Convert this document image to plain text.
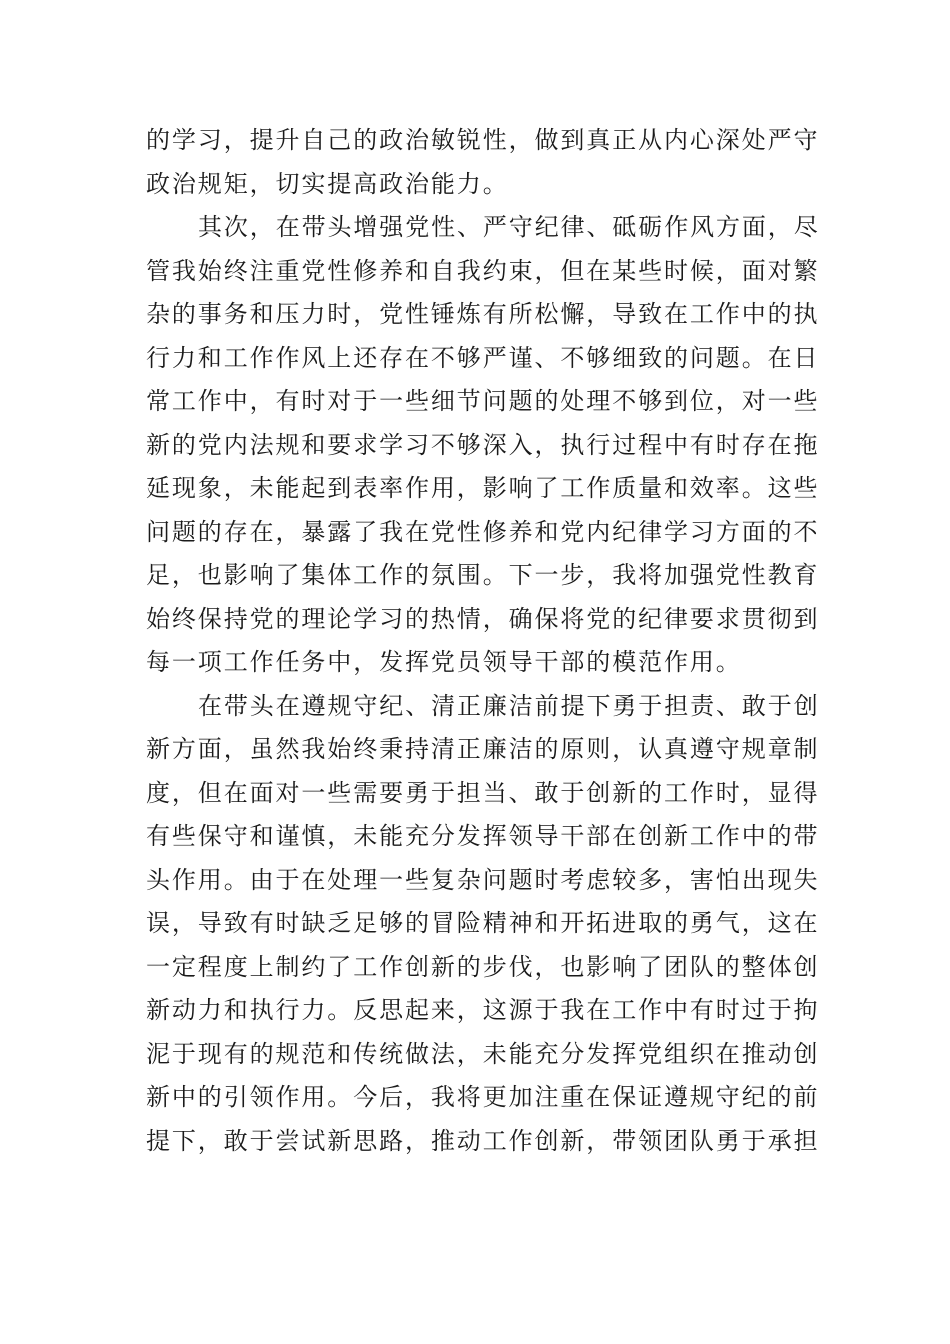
的学习，提升自己的政治敏锐性，做到真正从内心深处严守
政治规矩，切实提高政治能力。
其次，在带头增强党性、严守纪律、砥砺作风方面，尽
管我始终注重党性修养和自我约束，但在某些时候，面对繁
杂的事务和压力时，党性锤炼有所松懈，导致在工作中的执
行力和工作作风上还存在不够严谨、不够细致的问题。在日
常工作中，有时对于一些细节问题的处理不够到位，对一些
新的党内法规和要求学习不够深入，执行过程中有时存在拖
延现象，未能起到表率作用，影响了工作质量和效率。这些
问题的存在，暴露了我在党性修养和党内纪律学习方面的不
足，也影响了集体工作的氛围。下一步，我将加强党性教育
始终保持党的理论学习的热情，确保将党的纪律要求贯彻到
每一项工作任务中，发挥党员领导干部的模范作用。
在带头在遵规守纪、清正廉洁前提下勇于担责、敢于创
新方面，虽然我始终秉持清正廉洁的原则，认真遵守规章制
度，但在面对一些需要勇于担当、敢于创新的工作时，显得
有些保守和谨慎，未能充分发挥领导干部在创新工作中的带
头作用。由于在处理一些复杂问题时考虑较多，害怕出现失
误，导致有时缺乏足够的冒险精神和开拓进取的勇气，这在
一定程度上制约了工作创新的步伐，也影响了团队的整体创
新动力和执行力。反思起来，这源于我在工作中有时过于拘
泥于现有的规范和传统做法，未能充分发挥党组织在推动创
新中的引领作用。今后，我将更加注重在保证遵规守纪的前
提下，敢于尝试新思路，推动工作创新，带领团队勇于承担
